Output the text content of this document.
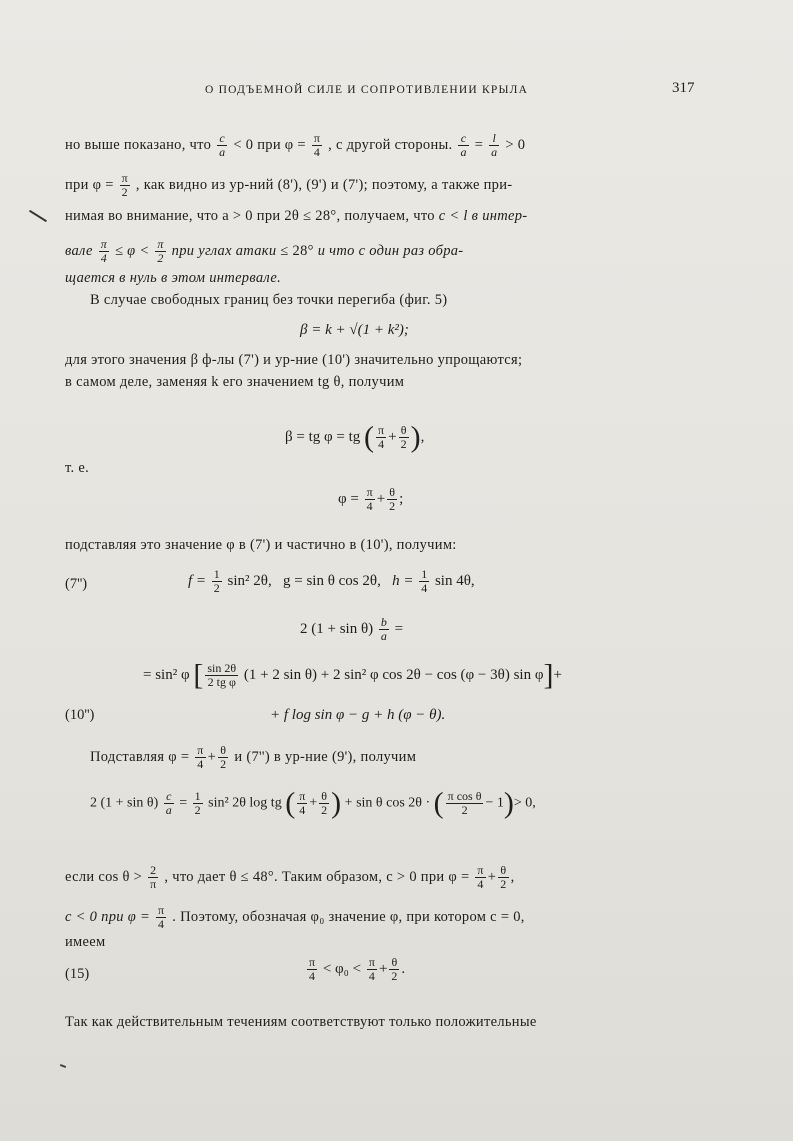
О ПОДЪЕМНОЙ СИЛЕ И СОПРОТИВЛЕНИИ КРЫЛА	317
но выше показано, что $\frac{c}{a} < 0$ при $\varphi = \frac{\pi}{4}$ , с другой стороны. $\frac{c}{a} = \frac{l}{a} > 0$
при $\varphi = \frac{\pi}{2}$ , как видно из ур-ний (8'), (9') и (7'); поэтому, а также при-
нимая во внимание, что a > 0 при 2θ ≤ 28°, получаем, что c < l в интер-
вале $\frac{\pi}{4} \le \varphi < \frac{\pi}{2}$ при углах атаки ≤ 28° и что c один раз обра-
щается в нуль в этом интервале.
В случае свободных границ без точки перегиба (фиг. 5)
β = k + √(1 + k²);
для этого значения β ф-лы (7') и ур-ние (10') значительно упрощаются;
в самом деле, заменяя k его значением tg θ, получим
β = tg φ = tg ( $\frac{\pi}{4} + \frac{\theta}{2}$ ),
т. е.
$\varphi = \frac{\pi}{4} + \frac{\theta}{2}$ ;
подставляя это значение φ в (7') и частично в (10'), получим:
(7'')	$f = \frac{1}{2} \sin^2$ 2θ, g = sin θ cos 2θ, $h = \frac{1}{4}$ sin 4θ,
2 $(1 + \sin \theta) \frac{b}{a}$ =
= sin² φ [ $\frac{\sin 2\theta}{\text{2 tg φ}} (1 + 2$ sin θ) + 2 sin² φ cos 2θ − cos (φ − 3θ) sin φ]+
(10'')	+ f log sin φ − g + h (φ − θ).
Подставляя $\varphi = \frac{\pi}{4} + \frac{\theta}{2}$ и (7'') в ур-ние (9'), получим
2 $(1 + \sin \theta) \frac{c}{a} = \frac{1}{2} \sin^2$ 2θ log tg ( $\frac{\pi}{4} + \frac{\theta}{2}$ ) + sin θ cos 2θ · ( $\frac{\text{π cos θ}}{2} - 1)> 0$,
если $\cos \theta > \frac{2}{\pi}$ , что дает θ ≤ 48°. Таким образом, c > 0 при $\varphi = \frac{\pi}{4} + \frac{\theta}{2}$ ,
c < 0 при $\varphi = \frac{\pi}{4}$ . Поэтому, обозначая φ₀ значение φ, при котором c = 0,
имеем
(15)	$\frac{\pi}{4} < \varphi_0 < \frac{\pi}{4} + \frac{\theta}{2}$ .
Так как действительным течениям соответствуют только положительные
